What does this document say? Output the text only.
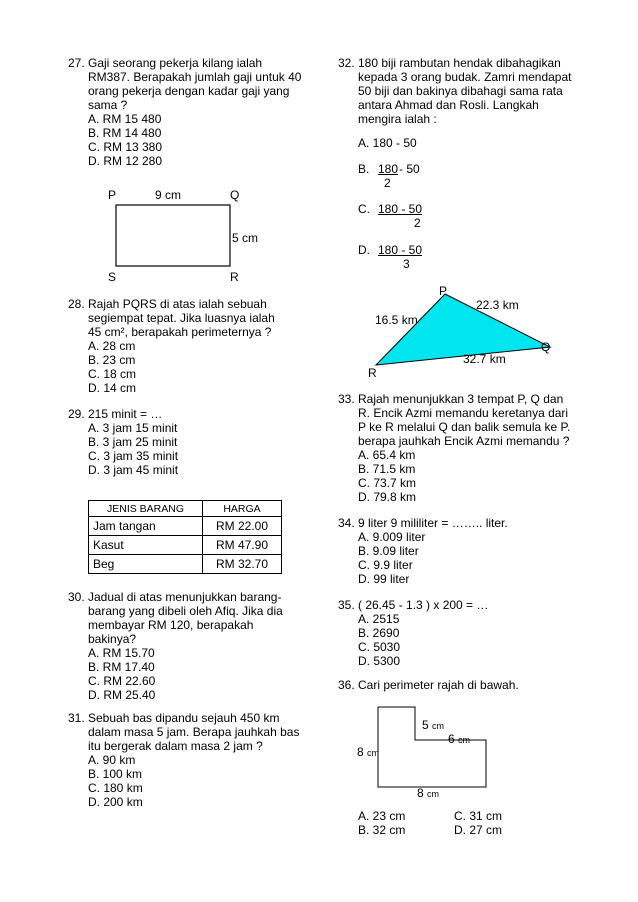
27. Gaji seorang pekerja kilang ialah
RM387. Berapakah jumlah gaji untuk 40
orang pekerja dengan kadar gaji yang
sama ?
A. RM 15 480
B. RM 14 480
C. RM 13 380
D. RM 12 280
P	9 cm	Q
5 cm
S	R
28. Rajah PQRS di atas ialah sebuah
segiempat tepat. Jika luasnya ialah
45 cm², berapakah perimeternya ?
A. 28 cm
B. 23 cm
C. 18 cm
D. 14 cm
29. 215 minit = …
A. 3 jam 15 minit
B. 3 jam 25 minit
C. 3 jam 35 minit
D. 3 jam 45 minit
JENIS BARANG	HARGA
Jam tangan	RM 22.00
Kasut	RM 47.90
Beg	RM 32.70
30. Jadual di atas menunjukkan barang-
barang yang dibeli oleh Afiq. Jika dia
membayar RM 120, berapakah
bakinya?
A. RM 15.70
B. RM 17.40
C. RM 22.60
D. RM 25.40
31. Sebuah bas dipandu sejauh 450 km
dalam masa 5 jam. Berapa jauhkah bas
itu bergerak dalam masa 2 jam ?
A. 90 km
B. 100 km
C. 180 km
D. 200 km
32. 180 biji rambutan hendak dibahagikan
kepada 3 orang budak. Zamri mendapat
50 biji dan bakinya dibahagi sama rata
antara Ahmad dan Rosli. Langkah
mengira ialah :
A. 180 - 50
B. 180 - 50
2
C. 180 - 50
2
D. 180 - 50
3
P
22.3 km
16.5 km
Q
32.7 km
R
33. Rajah menunjukkan 3 tempat P, Q dan
R. Encik Azmi memandu keretanya dari
P ke R melalui Q dan balik semula ke P.
berapa jauhkah Encik Azmi memandu ?
A. 65.4 km
B. 71.5 km
C. 73.7 km
D. 79.8 km
34. 9 liter 9 mililiter = …….. liter.
A. 9.009 liter
B. 9.09 liter
C. 9.9 liter
D. 99 liter
35. ( 26.45 - 1.3 ) x 200 = …
A. 2515
B. 2690
C. 5030
D. 5300
36. Cari perimeter rajah di bawah.
5 cm
6 cm
8 cm
8 cm
A. 23 cm
B. 32 cm
C. 31 cm
D. 27 cm
